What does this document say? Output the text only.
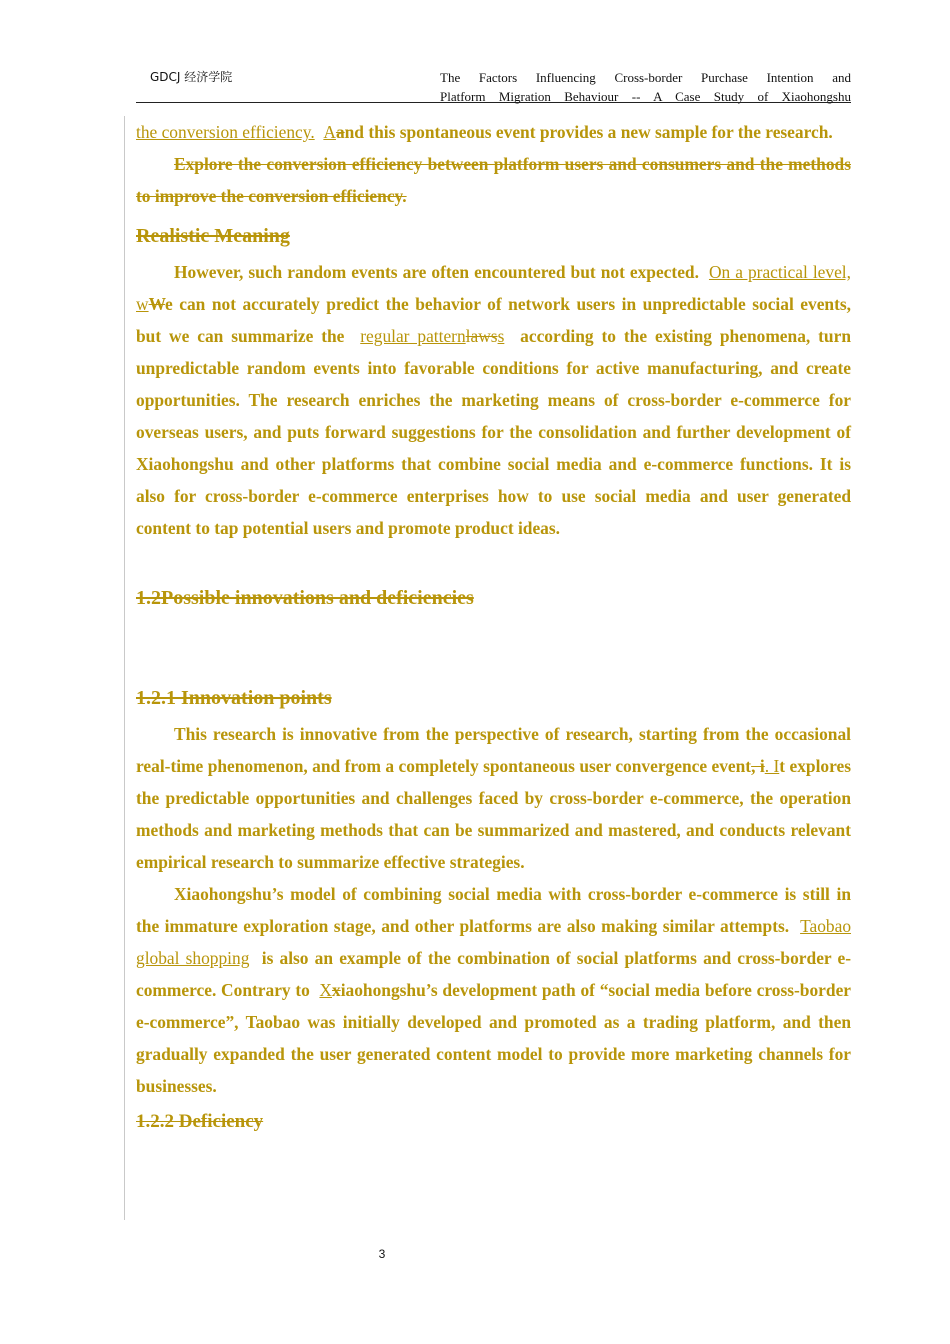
GDCJ 经济学院	The Factors Influencing Cross-border Purchase Intention and
Platform Migration Behaviour -- A Case Study of Xiaohongshu

the conversion efficiency. Aand this spontaneous event provides a new sample for the research.

Explore the conversion efficiency between platform users and consumers and the methods to improve the conversion efficiency.

Realistic Meaning

However, such random events are often encountered but not expected. On a practical level, wWe can not accurately predict the behavior of network users in unpredictable social events, but we can summarize the regular patternlawss according to the existing phenomena, turn unpredictable random events into favorable conditions for active manufacturing, and create opportunities. The research enriches the marketing means of cross-border e-commerce for overseas users, and puts forward suggestions for the consolidation and further development of Xiaohongshu and other platforms that combine social media and e-commerce functions. It is also for cross-border e-commerce enterprises how to use social media and user generated content to tap potential users and promote product ideas.

1.2Possible innovations and deficiencies
1.2.1 Innovation points

This research is innovative from the perspective of research, starting from the occasional real-time phenomenon, and from a completely spontaneous user convergence event, i. It explores the predictable opportunities and challenges faced by cross-border e-commerce, the operation methods and marketing methods that can be summarized and mastered, and conducts relevant empirical research to summarize effective strategies.

Xiaohongshu’s model of combining social media with cross-border e-commerce is still in the immature exploration stage, and other platforms are also making similar attempts. Taobao global shopping is also an example of the combination of social platforms and cross-border e-commerce. Contrary to Xxiaohongshu’s development path of “social media before cross-border e-commerce”, Taobao was initially developed and promoted as a trading platform, and then gradually expanded the user generated content model to provide more marketing channels for businesses.

1.2.2 Deficiency
3
